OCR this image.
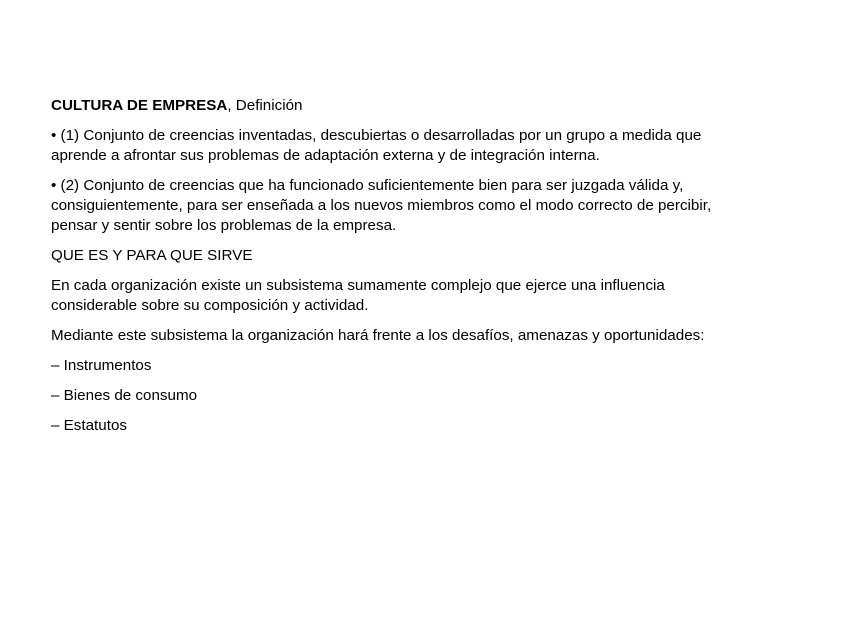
CULTURA DE EMPRESA, Definición

• (1) Conjunto de creencias inventadas, descubiertas o desarrolladas por un grupo a medida que aprende a afrontar sus problemas de adaptación externa y de integración interna.

• (2) Conjunto de creencias que ha funcionado suficientemente bien para ser juzgada válida y, consiguientemente, para ser enseñada a los nuevos miembros como el modo correcto de percibir, pensar y sentir sobre los problemas de la empresa.

QUE ES Y PARA QUE SIRVE

En cada organización existe un subsistema sumamente complejo que ejerce una influencia considerable sobre su composición y actividad.

Mediante este subsistema la organización hará frente a los desafíos, amenazas y oportunidades:

– Instrumentos
– Bienes de consumo
– Estatutos
